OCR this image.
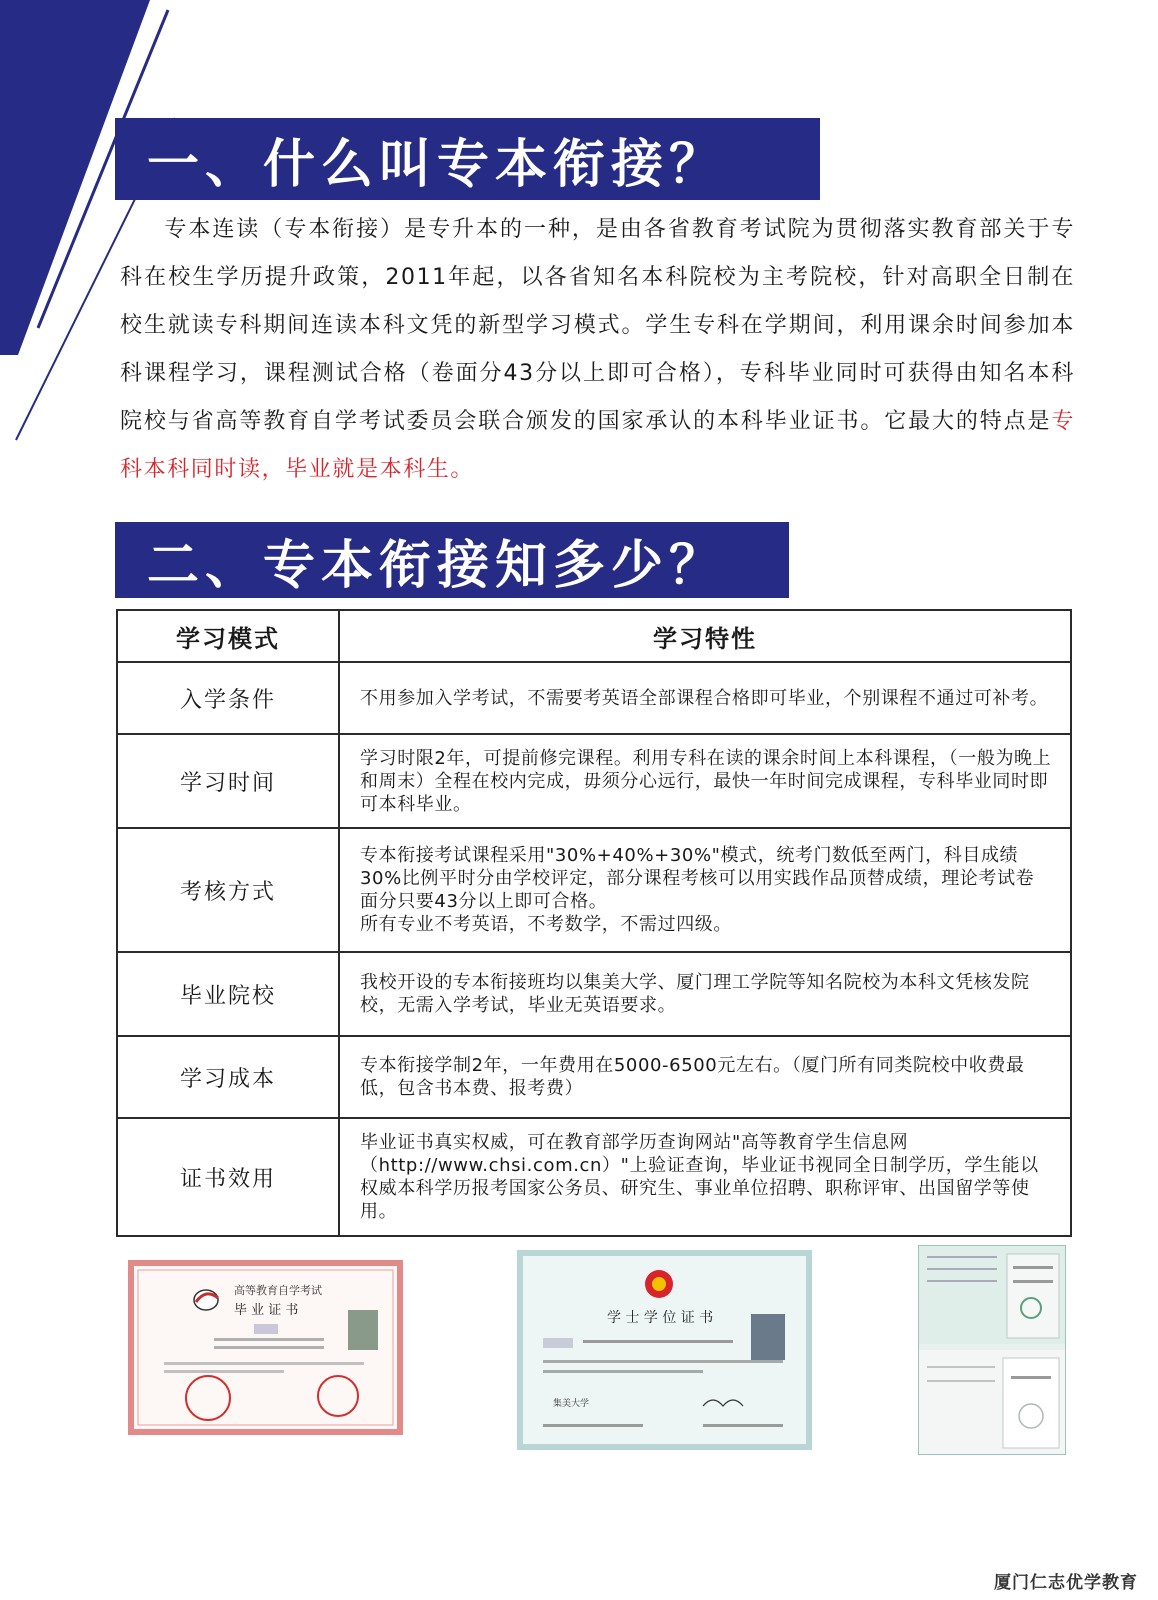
一、什么叫专本衔接？
专本连读（专本衔接）是专升本的一种，是由各省教育考试院为贯彻落实教育部关于专科在校生学历提升政策，2011年起，以各省知名本科院校为主考院校，针对高职全日制在校生就读专科期间连读本科文凭的新型学习模式。学生专科在学期间，利用课余时间参加本科课程学习，课程测试合格（卷面分43分以上即可合格），专科毕业同时可获得由知名本科院校与省高等教育自学考试委员会联合颁发的国家承认的本科毕业证书。它最大的特点是专科本科同时读，毕业就是本科生。
二、专本衔接知多少？
学习模式	学习特性
入学条件	不用参加入学考试，不需要考英语全部课程合格即可毕业，个别课程不通过可补考。

学习时间	学习时限2年，可提前修完课程。利用专科在读的课余时间上本科课程，（一般为晚上和周末）全程在校内完成，毋须分心远行，最快一年时间完成课程，专科毕业同时即可本科毕业。

考核方式	专本衔接考试课程采用"30%+40%+30%"模式，统考门数低至两门，科目成绩30%比例平时分由学校评定，部分课程考核可以用实践作品顶替成绩，理论考试卷面分只要43分以上即可合格。
所有专业不考英语，不考数学，不需过四级。

毕业院校	我校开设的专本衔接班均以集美大学、厦门理工学院等知名院校为本科文凭核发院校，无需入学考试，毕业无英语要求。

学习成本	专本衔接学制2年，一年费用在5000-6500元左右。（厦门所有同类院校中收费最低，包含书本费、报考费）

证书效用	毕业证书真实权威，可在教育部学历查询网站"高等教育学生信息网（http://www.chsi.com.cn）"上验证查询，毕业证书视同全日制学历，学生能以权威本科学历报考国家公务员、研究生、事业单位招聘、职称评审、出国留学等使用。
高等教育自学考试
毕 业 证 书	学 士 学 位 证 书
集美大学
厦门仁志优学教育
